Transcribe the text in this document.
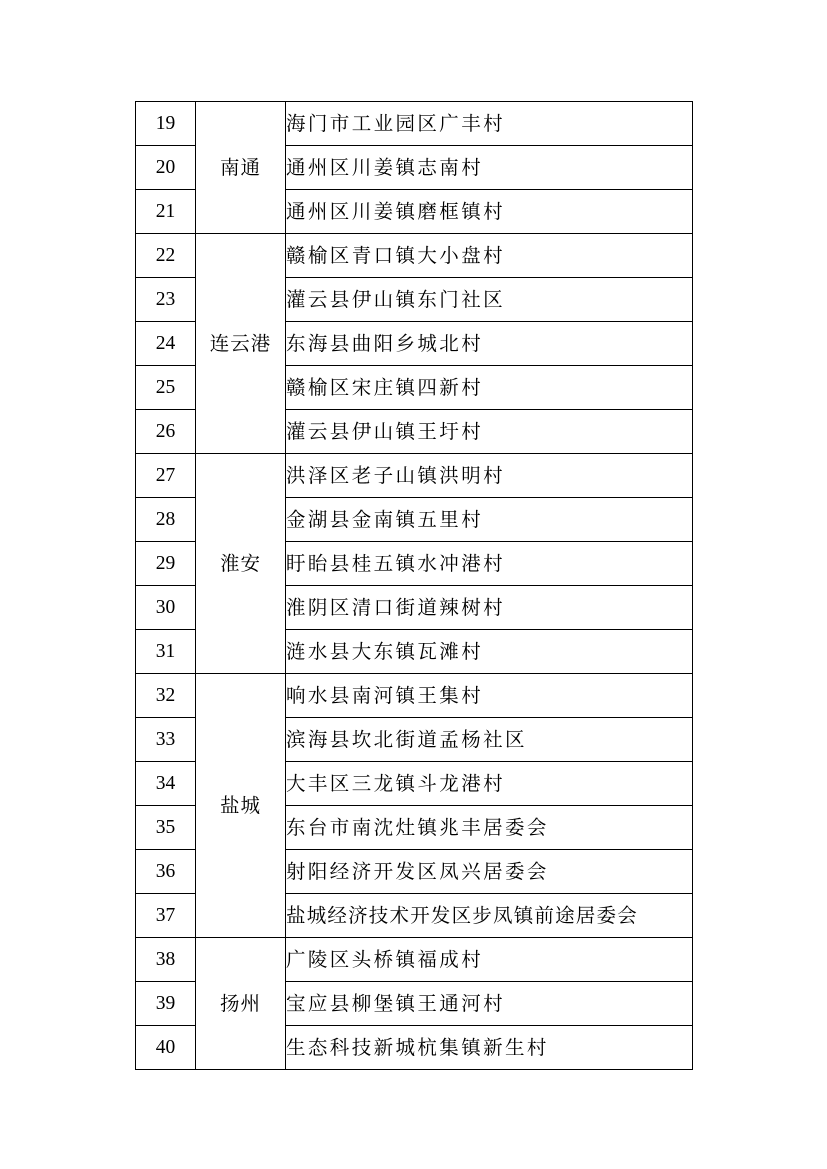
19	南通	海门市工业园区广丰村
20		通州区川姜镇志南村
21		通州区川姜镇磨框镇村
22	连云港	赣榆区青口镇大小盘村
23		灌云县伊山镇东门社区
24		东海县曲阳乡城北村
25		赣榆区宋庄镇四新村
26		灌云县伊山镇王圩村
27	淮安	洪泽区老子山镇洪明村
28		金湖县金南镇五里村
29		盱眙县桂五镇水冲港村
30		淮阴区清口街道辣树村
31		涟水县大东镇瓦滩村
32	盐城	响水县南河镇王集村
33		滨海县坎北街道孟杨社区
34		大丰区三龙镇斗龙港村
35		东台市南沈灶镇兆丰居委会
36		射阳经济开发区凤兴居委会
37		盐城经济技术开发区步凤镇前途居委会
38	扬州	广陵区头桥镇福成村
39		宝应县柳堡镇王通河村
40		生态科技新城杭集镇新生村
